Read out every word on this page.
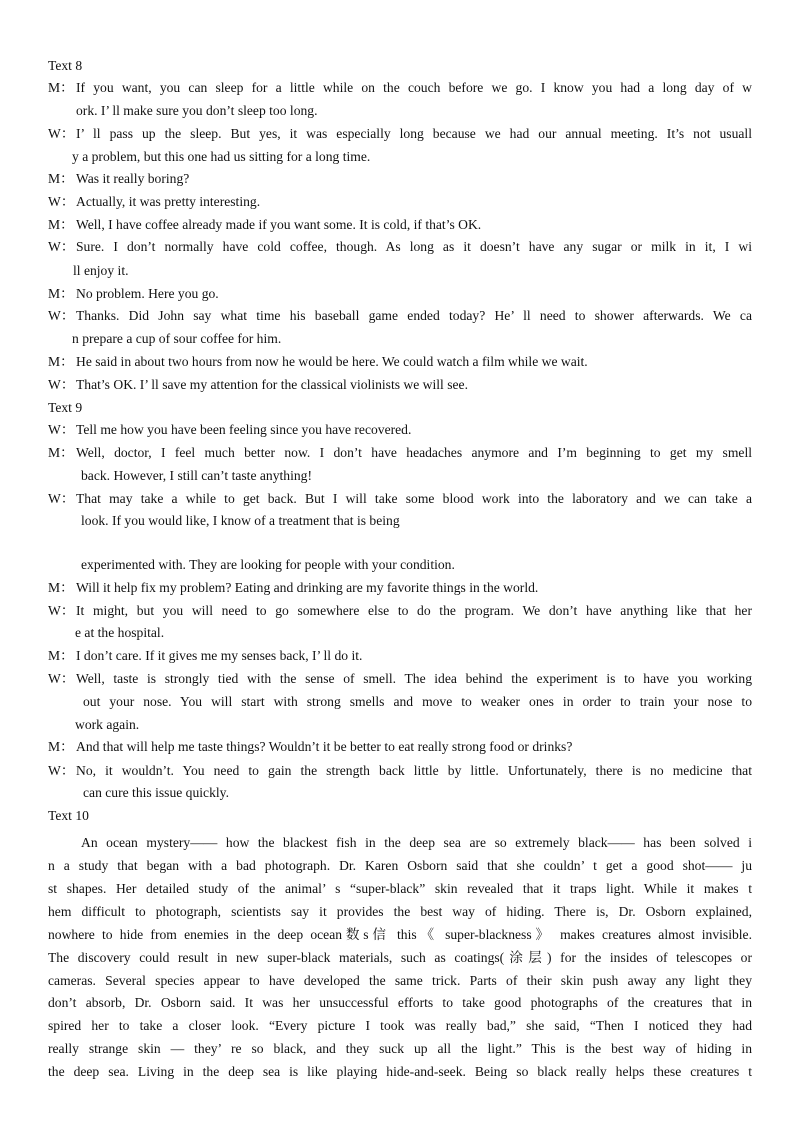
Text 8
M： If you want, you can sleep for a little while on the couch before we go. I know you had a long day of w
ork. I’ ll make sure you don’t sleep too long.
W： I’ ll pass up the sleep. But yes, it was especially long because we had our annual meeting. It’s not usuall
y a problem, but this one had us sitting for a long time.
M： Was it really boring?
W： Actually, it was pretty interesting.
M： Well, I have coffee already made if you want some. It is cold, if that’s OK.
W： Sure. I don’t normally have cold coffee, though. As long as it doesn’t have any sugar or milk in it, I wi
ll enjoy it.
M： No problem. Here you go.
W： Thanks. Did John say what time his baseball game ended today? He’ ll need to shower afterwards. We ca
n prepare a cup of sour coffee for him.
M： He said in about two hours from now he would be here. We could watch a film while we wait.
W： That’s OK. I’ ll save my attention for the classical violinists we will see.
Text 9
W： Tell me how you have been feeling since you have recovered.
M： Well, doctor, I feel much better now. I don’t have headaches anymore and I’m beginning to get my smell
back. However, I still can’t taste anything!
W： That may take a while to get back. But I will take some blood work into the laboratory and we can take a
look. If you would like, I know of a treatment that is being
experimented with. They are looking for people with your condition.
M： Will it help fix my problem? Eating and drinking are my favorite things in the world.
W： It might, but you will need to go somewhere else to do the program. We don’t have anything like that her
e at the hospital.
M： I don’t care. If it gives me my senses back, I’ ll do it.
W： Well, taste is strongly tied with the sense of smell. The idea behind the experiment is to have you working
out your nose. You will start with strong smells and move to weaker ones in order to train your nose to
work again.
M： And that will help me taste things? Wouldn’t it be better to eat really strong food or drinks?
W： No, it wouldn’t. You need to gain the strength back little by little. Unfortunately, there is no medicine that
can cure this issue quickly.
Text 10
An ocean mystery—— how the blackest fish in the deep sea are so extremely black—— has been solved i
n a study that began with a bad photograph. Dr. Karen Osborn said that she couldn’ t get a good shot—— ju
st shapes. Her detailed study of the animal’ s “super-black” skin revealed that it traps light. While it makes t
hem difficult to photograph, scientists say it provides the best way of hiding. There is, Dr. Osborn explained,
nowhere to hide from enemies in the deep ocean数s信 this《 super-blackness》 makes creatures almost invisible.
The discovery could result in new super-black materials, such as coatings(涂层) for the insides of telescopes or
cameras. Several species appear to have developed the same trick. Parts of their skin push away any light they
don’t absorb, Dr. Osborn said. It was her unsuccessful efforts to take good photographs of the creatures that in
spired her to take a closer look. “Every picture I took was really bad,” she said, “Then I noticed they had
really strange skin — they’ re so black, and they suck up all the light.” This is the best way of hiding in
the deep sea. Living in the deep sea is like playing hide-and-seek. Being so black really helps these creatures t
